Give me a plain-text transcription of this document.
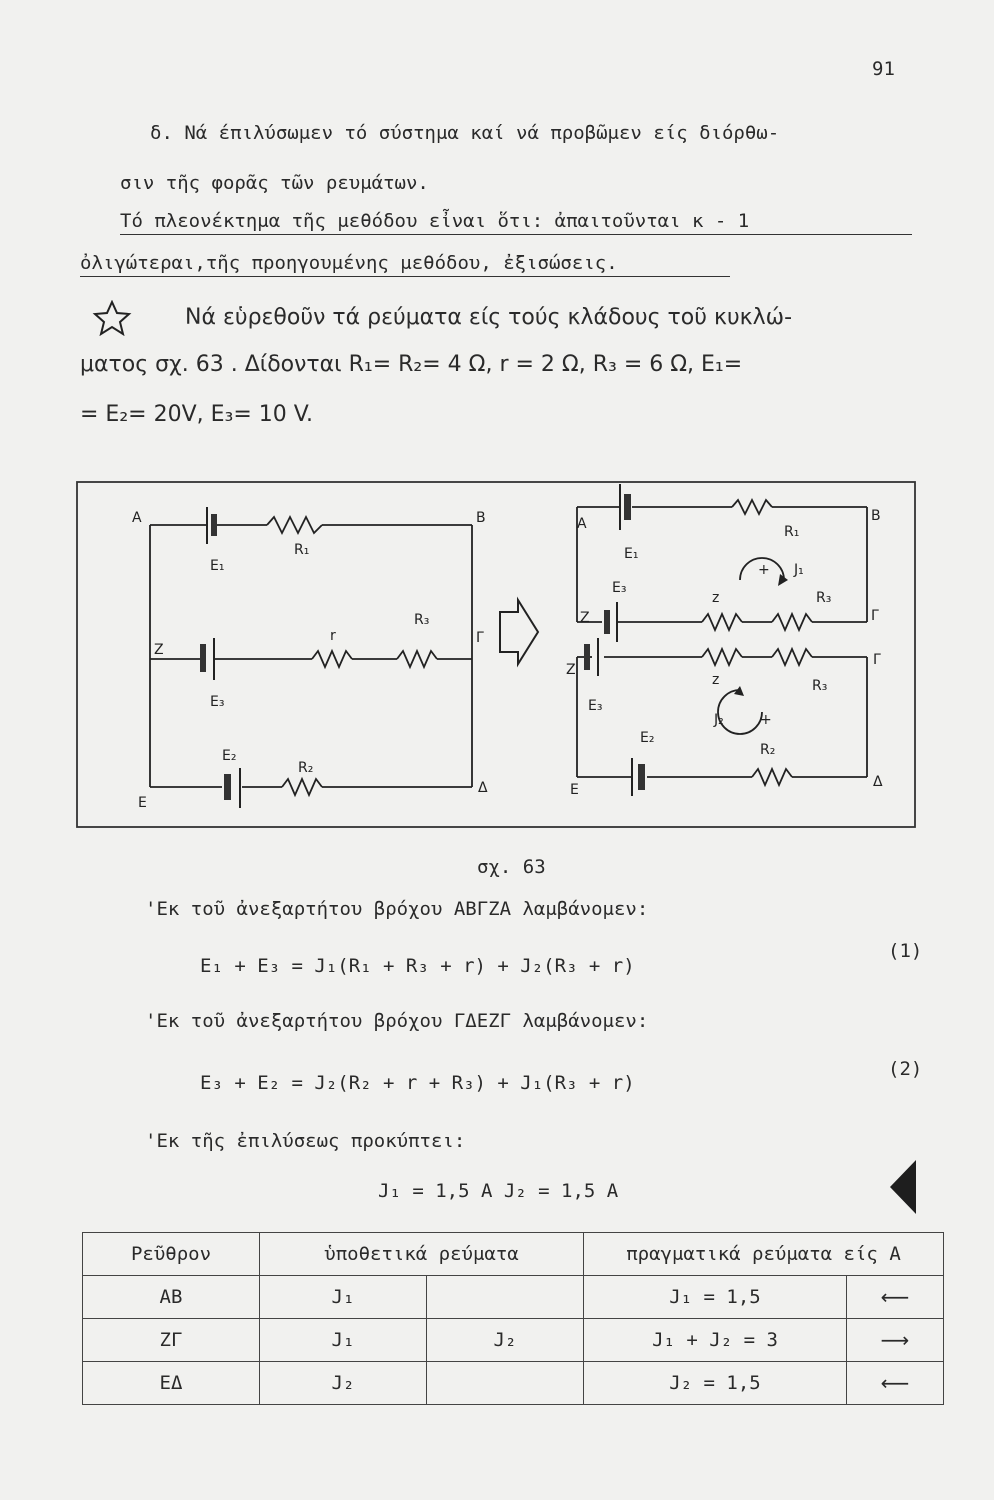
91
δ. Νά έπιλύσωμεν τό σύστημα καί νά προβῶμεν είς διόρθω-
σιν τῆς φορᾶς τῶν ρευμάτων.
Τό πλεονέκτημα τῆς μεθόδου εἶναι ὅτι: ἀπαιτοῦνται κ - 1
ὀλιγώτεραι,τῆς προηγουμένης μεθόδου, ἐξισώσεις.
Νά εὑρεθοῦν τά ρεύματα είς τούς κλάδους τοῦ κυκλώ-
ματος σχ. 63 . Δίδονται R₁= R₂= 4 Ω, r = 2 Ω, R₃ = 6 Ω, E₁=
= E₂= 20V, E₃= 10 V.
A	B
Γ
Δ
Ε
Ζ
E₁
R₁
r
R₃
E₃
E₂
R₂
A	B
Γ
Γ
Δ
Ε
Ζ
Ζ
E₁
R₁
J₁
E₃
z	R₃
z	R₃
E₃
J₂
E₂
R₂
+
+
σχ. 63
'Εκ τοῦ ἀνεξαρτήτου βρόχου ΑΒΓΖΑ λαμβάνομεν:
E₁ + E₃ = J₁(R₁ + R₃ + r) + J₂(R₃ + r)
(1)
'Εκ τοῦ ἀνεξαρτήτου βρόχου ΓΔΕΖΓ λαμβάνομεν:
E₃ + E₂ = J₂(R₂ + r + R₃) + J₁(R₃ + r)
(2)
'Εκ τῆς ἐπιλύσεως προκύπτει:
J₁ = 1,5 A J₂ = 1,5 A
Ρεῦθρον	ὑποθετικά ρεύματα		πραγματικά ρεύματα είς Α	
ΑΒ	J₁		J₁ = 1,5	⟵
ΖΓ	J₁	J₂	J₁ + J₂ = 3	⟶
ΕΔ	J₂		J₂ = 1,5	⟵
